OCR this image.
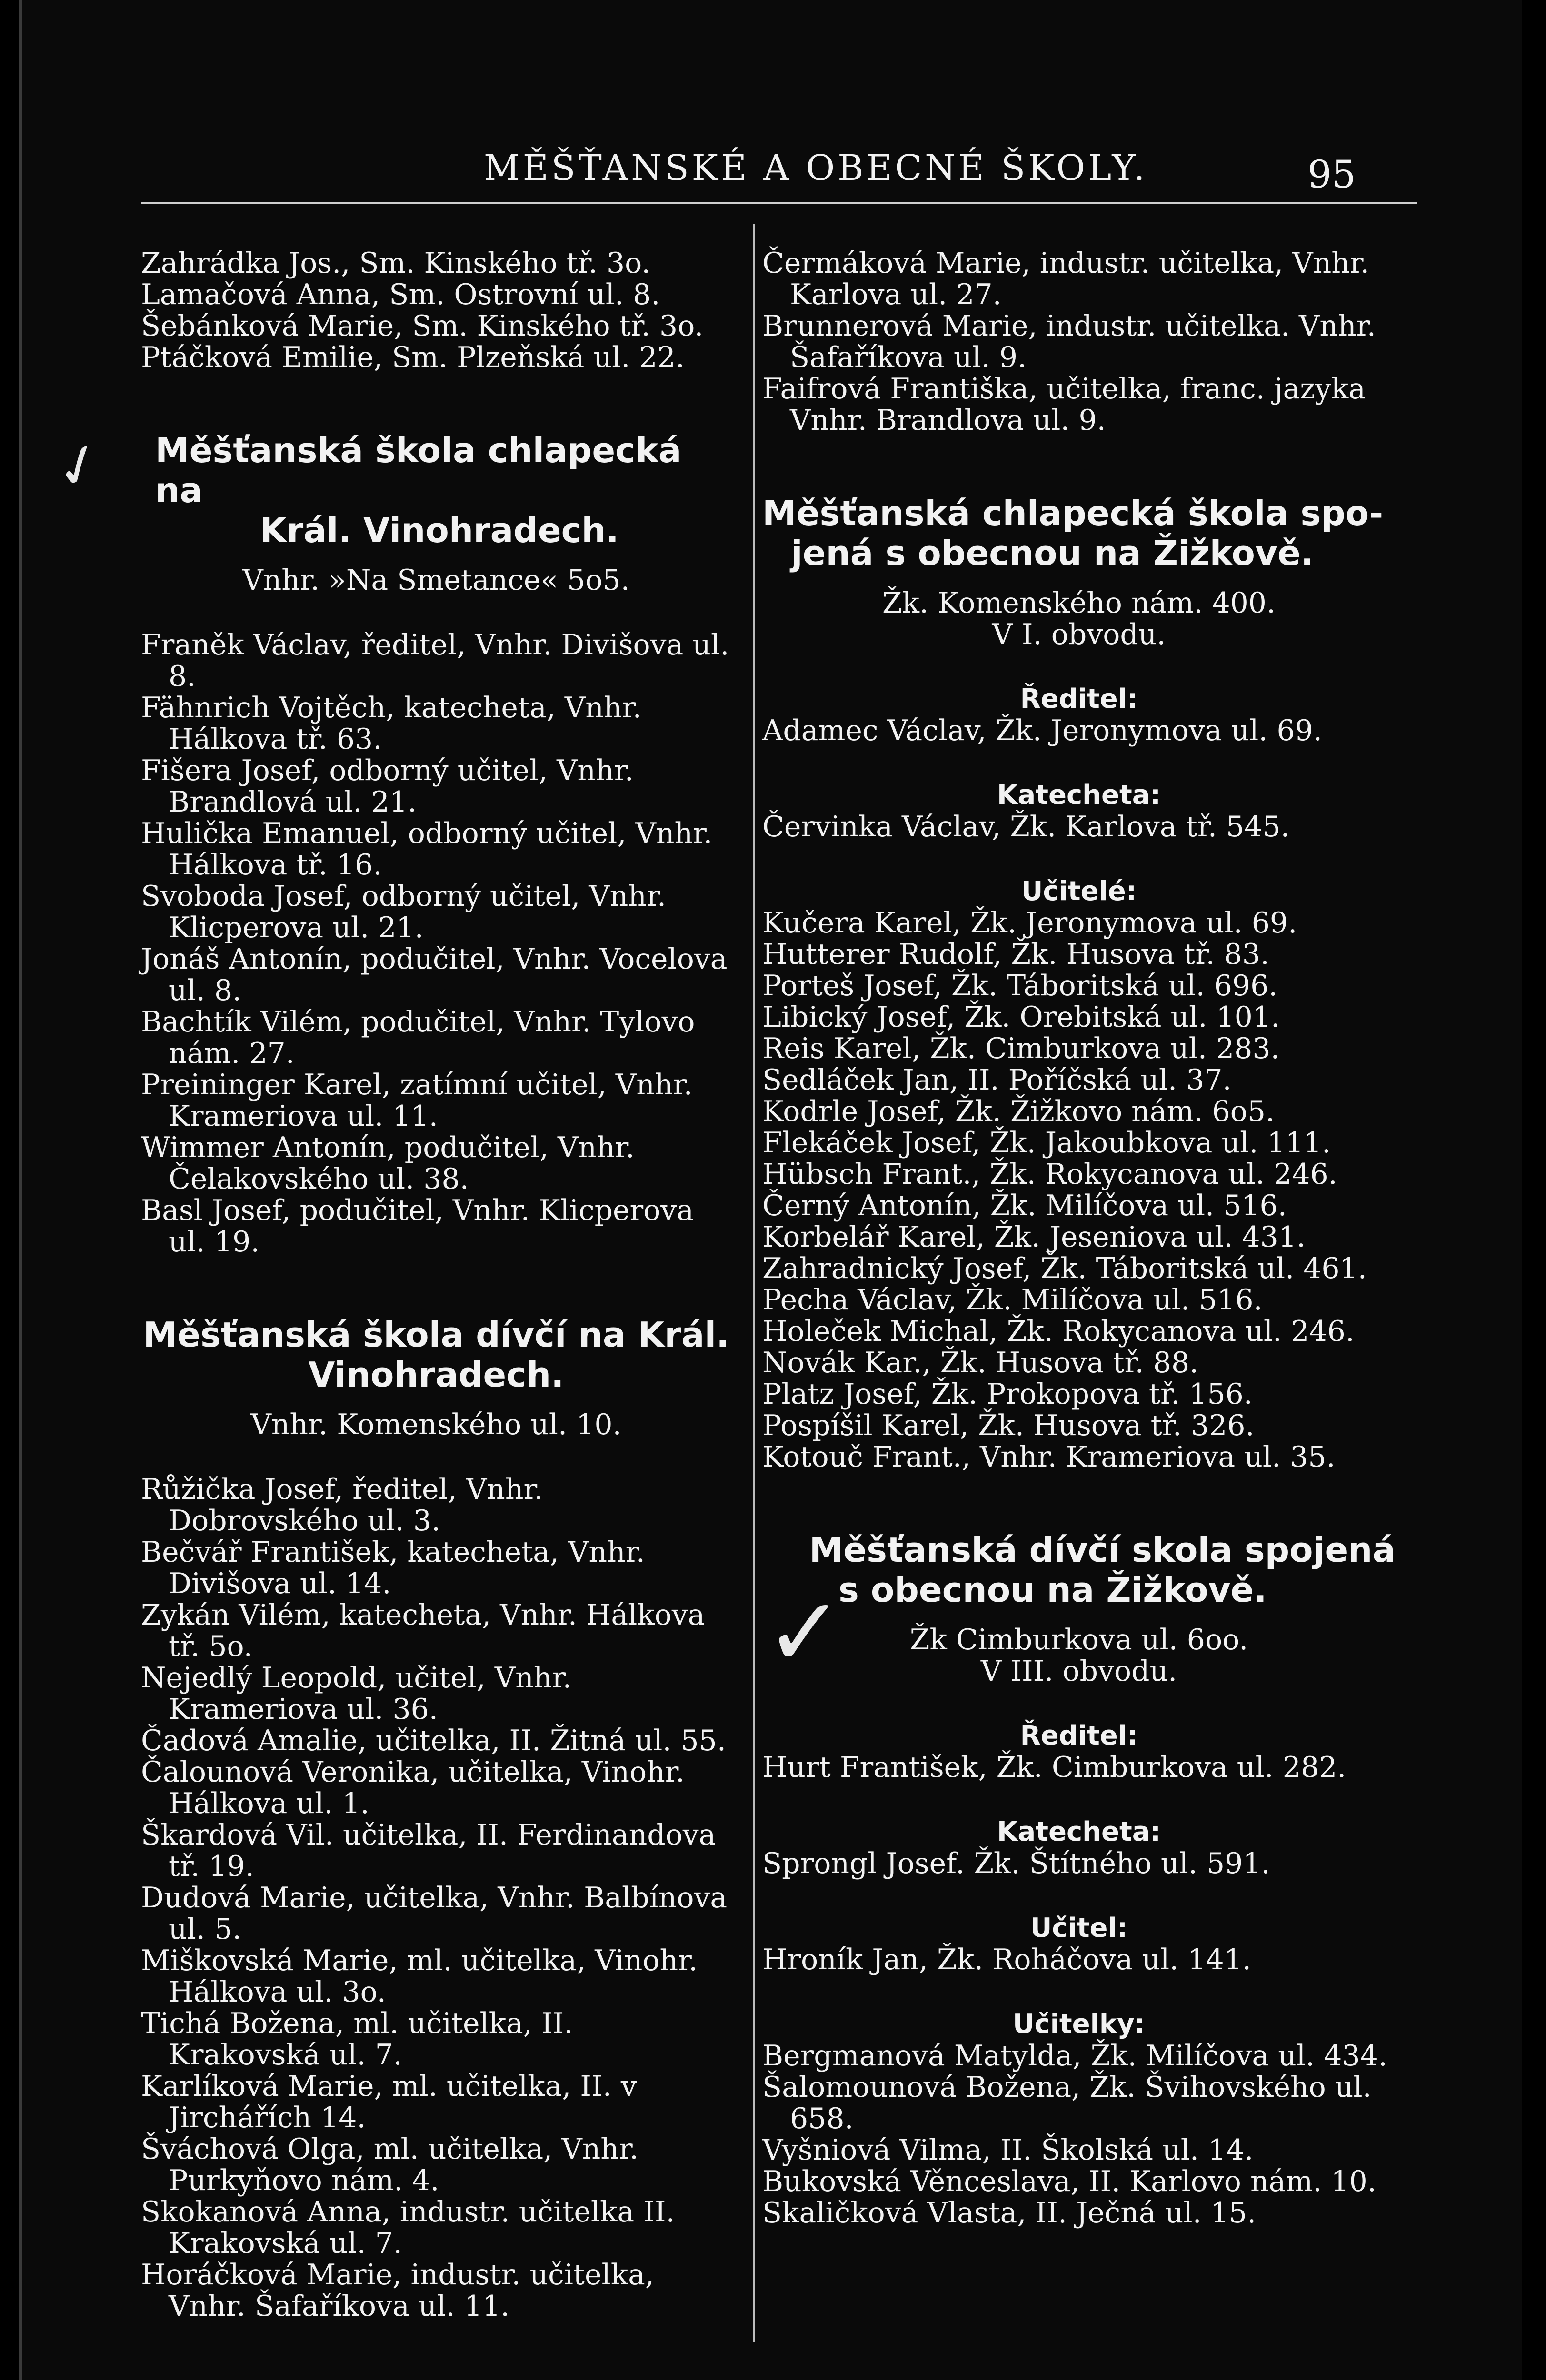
MĚŠŤANSKÉ A OBECNÉ ŠKOLY.	95
✓
✓

Zahrádka Jos., Sm. Kinského tř. 3o.

Lamačová Anna, Sm. Ostrovní ul. 8.

Šebánková Marie, Sm. Kinského tř. 3o.

Ptáčková Emilie, Sm. Plzeňská ul. 22.

Měšťanská škola chlapecká na

Král. Vinohradech.

Vnhr. »Na Smetance« 5o5.

Franěk Václav, ředitel, Vnhr. Divišova ul. 8.

Fähnrich Vojtěch, katecheta, Vnhr. Hálkova tř. 63.

Fišera Josef, odborný učitel, Vnhr. Brandlová ul. 21.

Hulička Emanuel, odborný učitel, Vnhr. Hálkova tř. 16.

Svoboda Josef, odborný učitel, Vnhr. Klicperova ul. 21.

Jonáš Antonín, podučitel, Vnhr. Vocelova ul. 8.

Bachtík Vilém, podučitel, Vnhr. Tylovo nám. 27.

Preininger Karel, zatímní učitel, Vnhr. Krameriova ul. 11.

Wimmer Antonín, podučitel, Vnhr. Čelakovského ul. 38.

Basl Josef, podučitel, Vnhr. Klicperova ul. 19.

Měšťanská škola dívčí na Král.

Vinohradech.

Vnhr. Komenského ul. 10.

Růžička Josef, ředitel, Vnhr. Dobrovského ul. 3.

Bečvář František, katecheta, Vnhr. Divišova ul. 14.

Zykán Vilém, katecheta, Vnhr. Hálkova tř. 5o.

Nejedlý Leopold, učitel, Vnhr. Krameriova ul. 36.

Čadová Amalie, učitelka, II. Žitná ul. 55.

Čalounová Veronika, učitelka, Vinohr. Hálkova ul. 1.

Škardová Vil. učitelka, II. Ferdinandova tř. 19.

Dudová Marie, učitelka, Vnhr. Balbínova ul. 5.

Miškovská Marie, ml. učitelka, Vinohr. Hálkova ul. 3o.

Tichá Božena, ml. učitelka, II. Krakovská ul. 7.

Karlíková Marie, ml. učitelka, II. v Jirchářích 14.

Šváchová Olga, ml. učitelka, Vnhr. Purkyňovo nám. 4.

Skokanová Anna, industr. učitelka II. Krakovská ul. 7.

Horáčková Marie, industr. učitelka, Vnhr. Šafaříkova ul. 11.

Čermáková Marie, industr. učitelka, Vnhr. Karlova ul. 27.

Brunnerová Marie, industr. učitelka. Vnhr. Šafaříkova ul. 9.

Faifrová Františka, učitelka, franc. jazyka Vnhr. Brandlova ul. 9.

Měšťanská chlapecká škola spo-

jená s obecnou na Žižkově.

Žk. Komenského nám. 400.

V I. obvodu.

Ředitel:

Adamec Václav, Žk. Jeronymova ul. 69.

Katecheta:

Červinka Václav, Žk. Karlova tř. 545.

Učitelé:

Kučera Karel, Žk. Jeronymova ul. 69.

Hutterer Rudolf, Žk. Husova tř. 83.

Porteš Josef, Žk. Táboritská ul. 696.

Libický Josef, Žk. Orebitská ul. 101.

Reis Karel, Žk. Cimburkova ul. 283.

Sedláček Jan, II. Poříčská ul. 37.

Kodrle Josef, Žk. Žižkovo nám. 6o5.

Flekáček Josef, Žk. Jakoubkova ul. 111.

Hübsch Frant., Žk. Rokycanova ul. 246.

Černý Antonín, Žk. Milíčova ul. 516.

Korbelář Karel, Žk. Jeseniova ul. 431.

Zahradnický Josef, Žk. Táboritská ul. 461.

Pecha Václav, Žk. Milíčova ul. 516.

Holeček Michal, Žk. Rokycanova ul. 246.

Novák Kar., Žk. Husova tř. 88.

Platz Josef, Žk. Prokopova tř. 156.

Pospíšil Karel, Žk. Husova tř. 326.

Kotouč Frant., Vnhr. Krameriova ul. 35.

Měšťanská dívčí skola spojená

s obecnou na Žižkově.

Žk Cimburkova ul. 6oo.

V III. obvodu.

Ředitel:

Hurt František, Žk. Cimburkova ul. 282.

Katecheta:

Sprongl Josef. Žk. Štítného ul. 591.

Učitel:

Hroník Jan, Žk. Roháčova ul. 141.

Učitelky:

Bergmanová Matylda, Žk. Milíčova ul. 434.

Šalomounová Božena, Žk. Švihovského ul. 658.

Vyšniová Vilma, II. Školská ul. 14.

Bukovská Věnceslava, II. Karlovo nám. 10.

Skaličková Vlasta, II. Ječná ul. 15.
